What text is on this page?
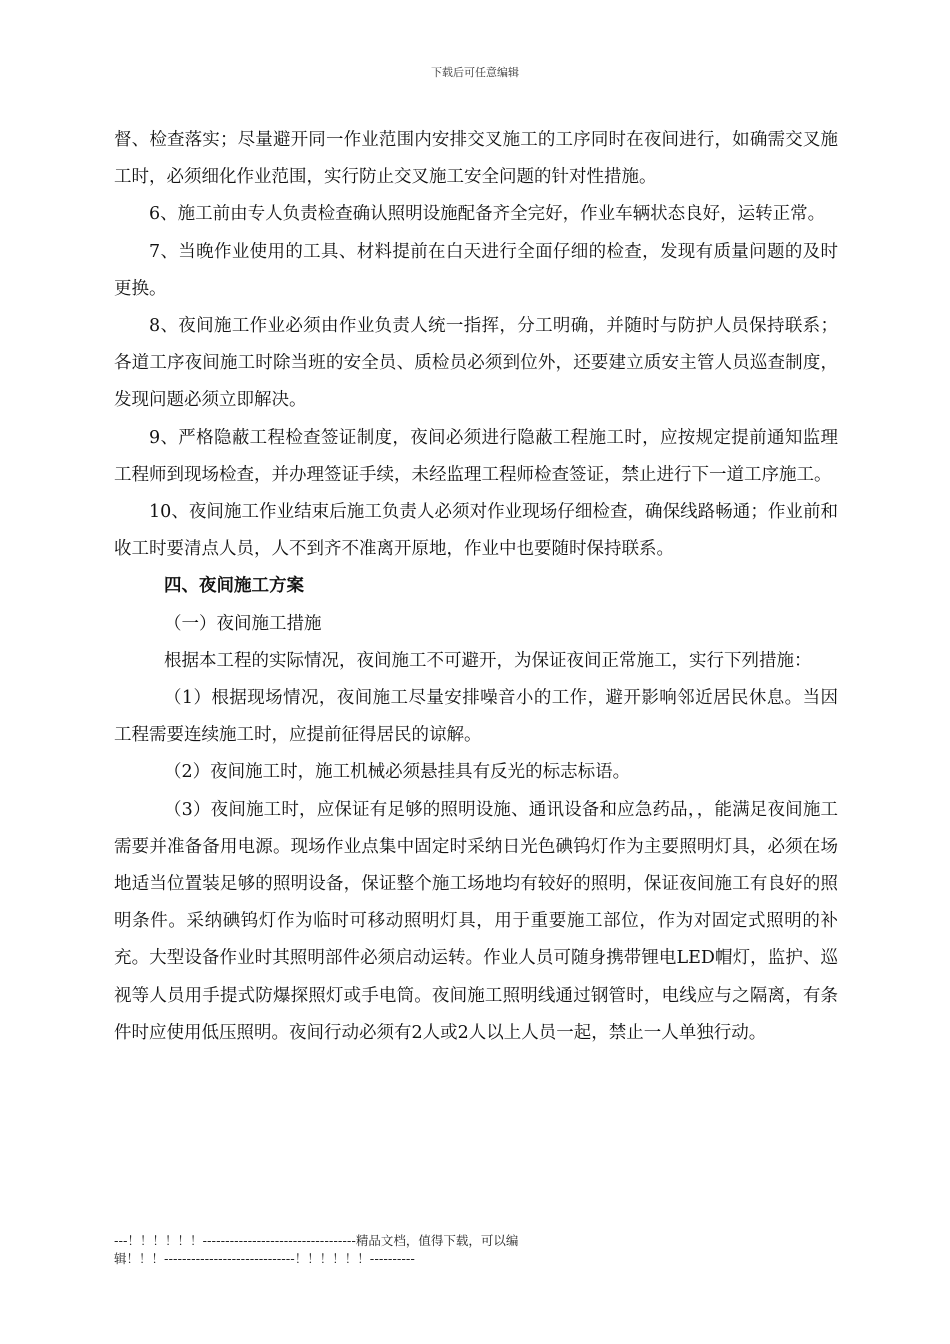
下载后可任意编辑

督、检查落实；尽量避开同一作业范围内安排交叉施工的工序同时在夜间进行，如确需交叉施工时，必须细化作业范围，实行防止交叉施工安全问题的针对性措施。

6、施工前由专人负责检查确认照明设施配备齐全完好，作业车辆状态良好，运转正常。

7、当晚作业使用的工具、材料提前在白天进行全面仔细的检查，发现有质量问题的及时更换。

8、夜间施工作业必须由作业负责人统一指挥，分工明确，并随时与防护人员保持联系；各道工序夜间施工时除当班的安全员、质检员必须到位外，还要建立质安主管人员巡查制度，发现问题必须立即解决。

9、严格隐蔽工程检查签证制度，夜间必须进行隐蔽工程施工时，应按规定提前通知监理工程师到现场检查，并办理签证手续，未经监理工程师检查签证，禁止进行下一道工序施工。

10、夜间施工作业结束后施工负责人必须对作业现场仔细检查，确保线路畅通；作业前和收工时要清点人员，人不到齐不准离开原地，作业中也要随时保持联系。

四、夜间施工方案

（一）夜间施工措施

根据本工程的实际情况，夜间施工不可避开，为保证夜间正常施工，实行下列措施：

（1）根据现场情况，夜间施工尽量安排噪音小的工作，避开影响邻近居民休息。当因工程需要连续施工时，应提前征得居民的谅解。

（2）夜间施工时，施工机械必须悬挂具有反光的标志标语。

（3）夜间施工时，应保证有足够的照明设施、通讯设备和应急药品，，能满足夜间施工需要并准备备用电源。现场作业点集中固定时采纳日光色碘钨灯作为主要照明灯具，必须在场地适当位置装足够的照明设备，保证整个施工场地均有较好的照明，保证夜间施工有良好的照明条件。采纳碘钨灯作为临时可移动照明灯具，用于重要施工部位，作为对固定式照明的补充。大型设备作业时其照明部件必须启动运转。作业人员可随身携带锂电LED帽灯，监护、巡视等人员用手提式防爆探照灯或手电筒。夜间施工照明线通过钢管时，电线应与之隔离，有条件时应使用低压照明。夜间行动必须有2人或2人以上人员一起，禁止一人单独行动。

---！！！！！！----------------------------------精品文档，值得下载，可以编
辑！！！-----------------------------！！！！！！----------
